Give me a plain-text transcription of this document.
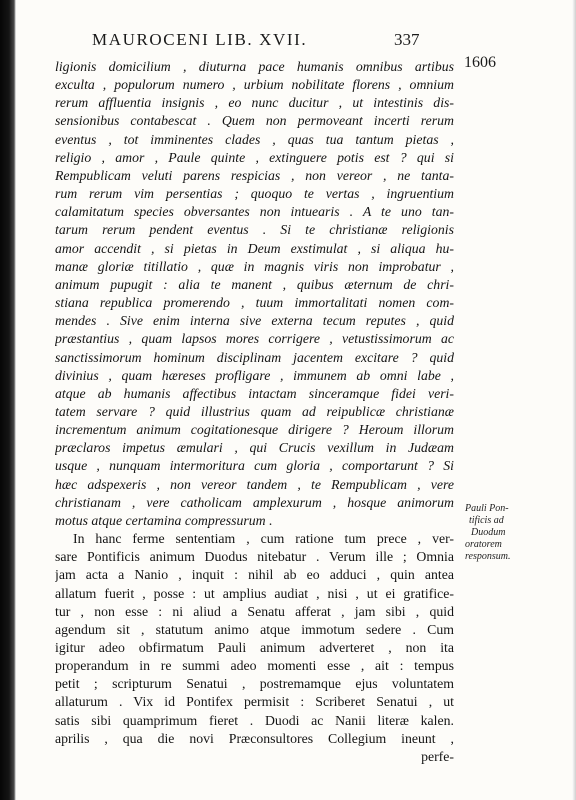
MAUROCENI LIB. XVII.	337
1606
ligionis domicilium , diuturna pace humanis omnibus artibus
exculta , populorum numero , urbium nobilitate florens , omnium
rerum affluentia insignis , eo nunc ducitur , ut intestinis dis-
sensionibus contabescat . Quem non permoveant incerti rerum
eventus , tot imminentes clades , quas tua tantum pietas ,
religio , amor , Paule quinte , extinguere potis est ? qui si
Rempublicam veluti parens respicias , non vereor , ne tanta-
rum rerum vim persentias ; quoquo te vertas , ingruentium
calamitatum species obversantes non intuearis . A te uno tan-
tarum rerum pendent eventus . Si te christianæ religionis
amor accendit , si pietas in Deum exstimulat , si aliqua hu-
manæ gloriæ titillatio , quæ in magnis viris non improbatur ,
animum pupugit : alia te manent , quibus æternum de chri-
stiana republica promerendo , tuum immortalitati nomen com-
mendes . Sive enim interna sive externa tecum reputes , quid
præstantius , quam lapsos mores corrigere , vetustissimorum ac
sanctissimorum hominum disciplinam jacentem excitare ? quid
divinius , quam hæreses profligare , immunem ab omni labe ,
atque ab humanis affectibus intactam sinceramque fidei veri-
tatem servare ? quid illustrius quam ad reipublicæ christianæ
incrementum animum cogitationesque dirigere ? Heroum illorum
præclaros impetus æmulari , qui Crucis vexillum in Judæam
usque , nunquam intermoritura cum gloria , comportarunt ? Si
hæc adspexeris , non vereor tandem , te Rempublicam , vere
christianam , vere catholicam amplexurum , hosque animorum
motus atque certamina compressurum .
In hanc ferme sententiam , cum ratione tum prece , ver-
sare Pontificis animum Duodus nitebatur . Verum ille ; Omnia
jam acta a Nanio , inquit : nihil ab eo adduci , quin antea
allatum fuerit , posse : ut amplius audiat , nisi , ut ei gratifice-
tur , non esse : ni aliud a Senatu afferat , jam sibi , quid
agendum sit , statutum animo atque immotum sedere . Cum
igitur adeo obfirmatum Pauli animum adverteret , non ita
properandum in re summi adeo momenti esse , ait : tempus
petit ; scripturum Senatui , postremamque ejus voluntatem
allaturum . Vix id Pontifex permisit : Scriberet Senatui , ut
satis sibi quamprimum fieret . Duodi ac Nanii literæ kalen.
aprilis , qua die novi Præconsultores Collegium ineunt ,
perfe-
Pauli Pon-
tificis ad
Duodum
oratorem
responsum.
